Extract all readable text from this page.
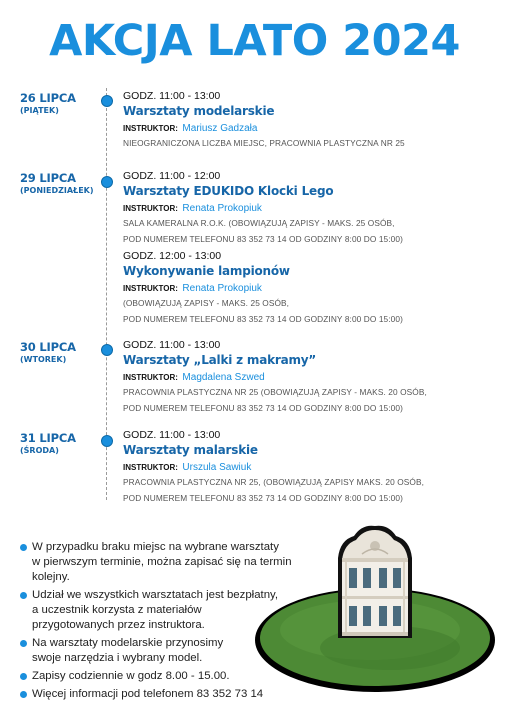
AKCJA LATO 2024
26 LIPCA
(PIĄTEK)
29 LIPCA
(PONIEDZIAŁEK)
30 LIPCA
(WTOREK)
31 LIPCA
(ŚRODA)
GODZ. 11:00 - 13:00
Warsztaty modelarskie
INSTRUKTOR: Mariusz Gadzała
NIEOGRANICZONA LICZBA MIEJSC, PRACOWNIA PLASTYCZNA NR 25
GODZ. 11:00 - 12:00
Warsztaty EDUKIDO Klocki Lego
INSTRUKTOR: Renata Prokopiuk
SALA KAMERALNA R.O.K. (OBOWIĄZUJĄ ZAPISY - MAKS. 25 OSÓB,
POD NUMEREM TELEFONU 83 352 73 14 OD GODZINY 8:00 DO 15:00)
GODZ. 12:00 - 13:00
Wykonywanie lampionów
INSTRUKTOR: Renata Prokopiuk
(OBOWIĄZUJĄ ZAPISY - MAKS. 25 OSÓB,
POD NUMEREM TELEFONU 83 352 73 14 OD GODZINY 8:00 DO 15:00)
GODZ. 11:00 - 13:00
Warsztaty „Lalki z makramy”
INSTRUKTOR: Magdalena Szwed
PRACOWNIA PLASTYCZNA NR 25 (OBOWIĄZUJĄ ZAPISY - MAKS. 20 OSÓB,
POD NUMEREM TELEFONU 83 352 73 14 OD GODZINY 8:00 DO 15:00)
GODZ. 11:00 - 13:00
Warsztaty malarskie
INSTRUKTOR: Urszula Sawiuk
PRACOWNIA PLASTYCZNA NR 25, (OBOWIĄZUJĄ ZAPISY MAKS. 20 OSÓB,
POD NUMEREM TELEFONU 83 352 73 14 OD GODZINY 8:00 DO 15:00)
W przypadku braku miejsc na wybrane warsztaty
w pierwszym terminie, można zapisać się na termin
kolejny.
Udział we wszystkich warsztatach jest bezpłatny,
a uczestnik korzysta z materiałów
przygotowanych przez instruktora.
Na warsztaty modelarskie przynosimy
swoje narzędzia i wybrany model.
Zapisy codziennie w godz 8.00 - 15.00.
Więcej informacji pod telefonem 83 352 73 14
